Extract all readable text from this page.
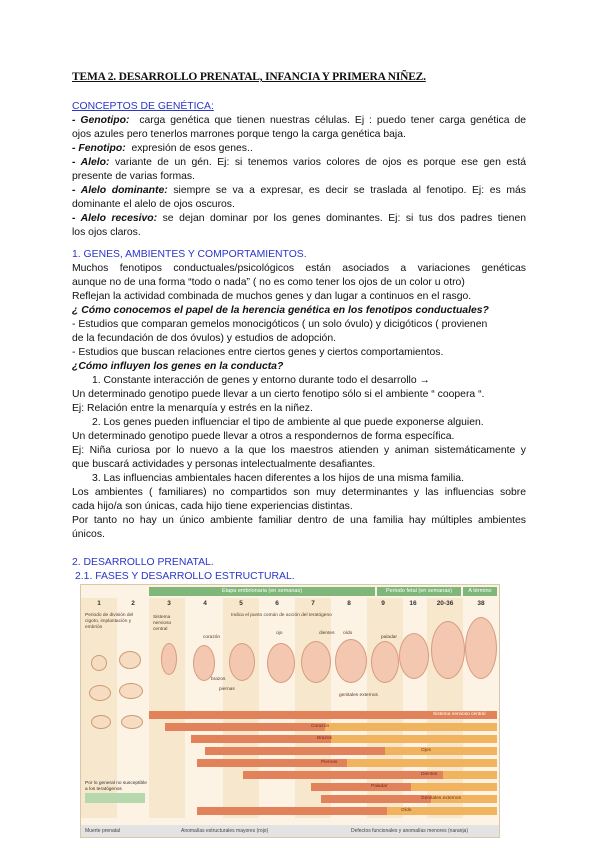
TEMA 2. DESARROLLO PRENATAL, INFANCIA Y PRIMERA NIÑEZ.
CONCEPTOS DE GENÉTICA:
- Genotipo: carga genética que tienen nuestras células. Ej : puedo tener carga genética de
ojos azules pero tenerlos marrones porque tengo la carga genética baja.
- Fenotipo: expresión de esos genes..
- Alelo: variante de un gén. Ej: si tenemos varios colores de ojos es porque ese gen está
presente de varias formas.
- Alelo dominante: siempre se va a expresar, es decir se traslada al fenotipo. Ej: es más
dominante el alelo de ojos oscuros.
- Alelo recesivo: se dejan dominar por los genes dominantes. Ej: si tus dos padres tienen
los ojos claros.
1. GENES, AMBIENTES Y COMPORTAMIENTOS.
Muchos fenotipos conductuales/psicológicos están asociados a variaciones genéticas
aunque no de una forma “todo o nada” ( no es como tener los ojos de un color u otro)
Reflejan la actividad combinada de muchos genes y dan lugar a continuos en el rasgo.
¿ Cómo conocemos el papel de la herencia genética en los fenotipos conductuales?
- Estudios que comparan gemelos monocigóticos ( un solo óvulo) y dicigóticos ( provienen
de la fecundación de dos óvulos) y estudios de adopción.
- Estudios que buscan relaciones entre ciertos genes y ciertos comportamientos.
¿Cómo influyen los genes en la conducta?
1. Constante interacción de genes y entorno durante todo el desarrollo →
Un determinado genotipo puede llevar a un cierto fenotipo sólo si el ambiente “ coopera “.
Ej: Relación entre la menarquía y estrés en la niñez.
2. Los genes pueden influenciar el tipo de ambiente al que puede exponerse alguien.
Un determinado genotipo puede llevar a otros a respondernos de forma específica.
Ej: Niña curiosa por lo nuevo a la que los maestros atienden y animan sistemáticamente y
que buscará actividades y personas intelectualmente desafiantes.
3. Las influencias ambientales hacen diferentes a los hijos de una misma familia.
Los ambientes ( familiares) no compartidos son muy determinantes y las influencias sobre
cada hijo/a son únicas, cada hijo tiene experiencias distintas.
Por tanto no hay un único ambiente familiar dentro de una familia hay múltiples ambientes
únicos.
2. DESARROLLO PRENATAL.
2.1. FASES Y DESARROLLO ESTRUCTURAL.
Etapa embrionaria (en semanas)	Periodo fetal (en semanas)	A término
1	2	3	4	5	6	7	8	9	16	20-36	38
Periodo de división del cigoto, implantación y embrión
Sistema nervioso central
Indica el punto común de acción del teratógeno
corazón
ojo	dientes oído
paladar
brazos
piernas
genitales externos
Por lo general no susceptible a los teratógenos
Sistema nervioso central
Corazón
Brazos
Ojos
Piernas
Dientes
Paladar
Genitales externos
Oído
Muerte prenatal	Anomalías estructurales mayores (rojo)	Defectos funcionales y anomalías menores (naranja)
